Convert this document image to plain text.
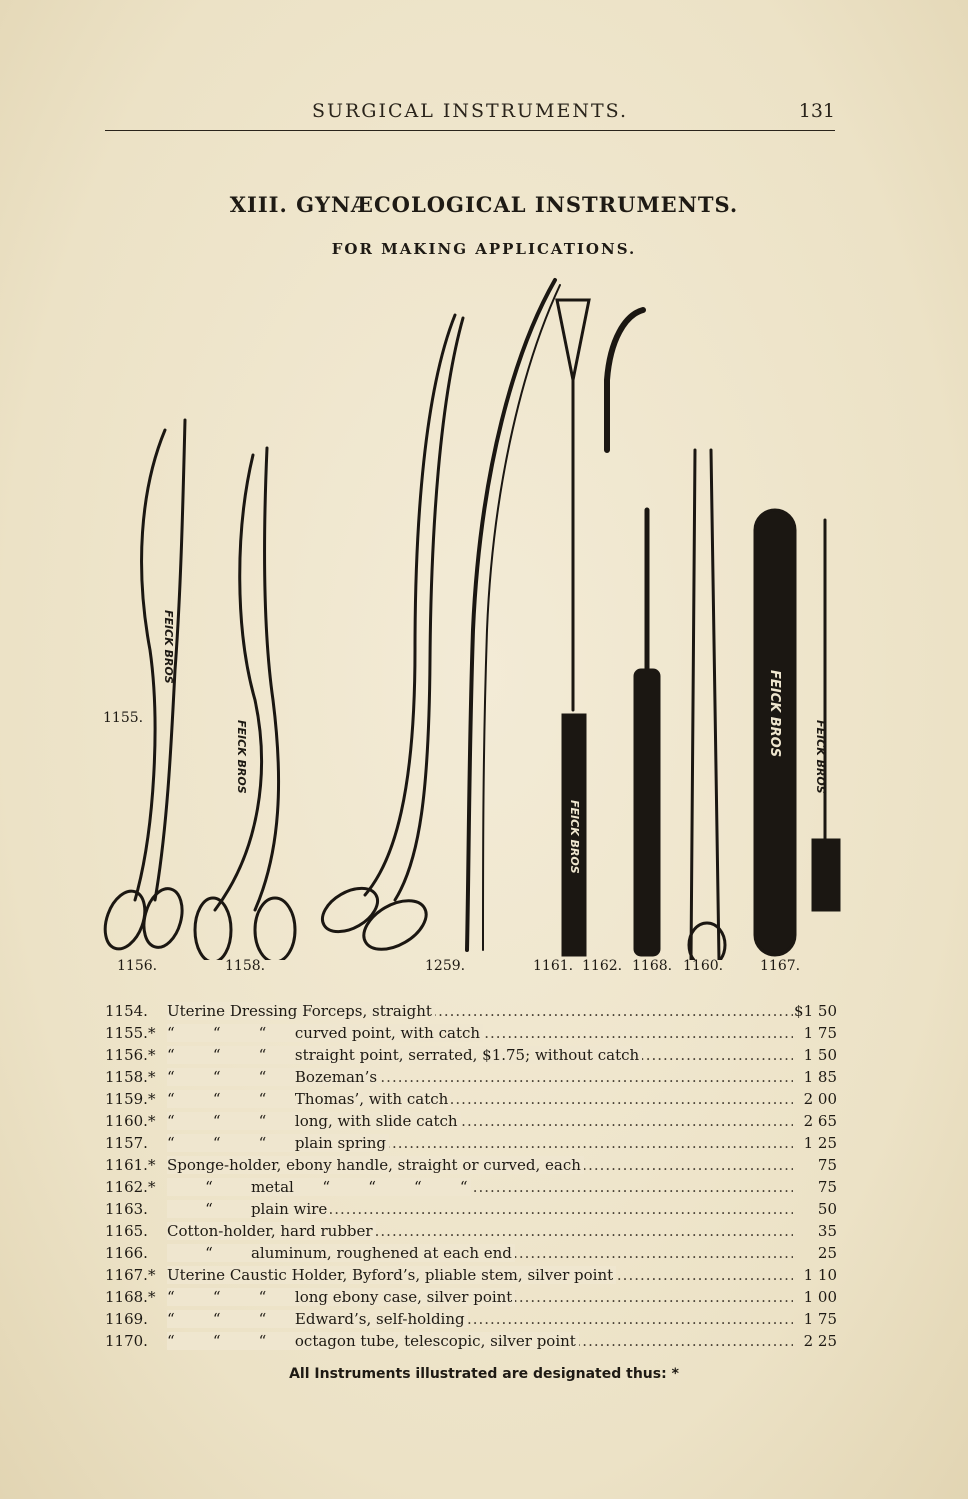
SURGICAL INSTRUMENTS.	131
XIII. GYNÆCOLOGICAL INSTRUMENTS.
FOR MAKING APPLICATIONS.
FEICK BROS
FEICK BROS
FEICK BROS
FEICK BROS	FEICK BROS
1155.
1156.	1158.	1259.	1161. 1162. 1168. 1160.	1167.
1154. Uterine Dressing Forceps, straight .....	$1 50
1155.* “        “        “      curved point, with catch .....	1 75
1156.* “        “        “      straight point, serrated, $1.75; without catch .....	1 50
1158.* “        “        “      Bozeman’s .....	1 85
1159.* “        “        “      Thomas’, with catch .....	2 00
1160.* “        “        “      long, with slide catch .....	2 65
1157. “        “        “      plain spring .....	1 25
1161.* Sponge-holder, ebony handle, straight or curved, each .....	75
1162.* “        metal      “        “        “        “ .....	75
1163. “        plain wire .....	50
1165. Cotton-holder, hard rubber .....	35
1166. “        aluminum, roughened at each end .....	25
1167.* Uterine Caustic Holder, Byford’s, pliable stem, silver point .....	1 10
1168.* “        “        “      long ebony case, silver point .....	1 00
1169. “        “        “      Edward’s, self-holding .....	1 75
1170. “        “        “      octagon tube, telescopic, silver point .....	2 25
All Instruments illustrated are designated thus: *
